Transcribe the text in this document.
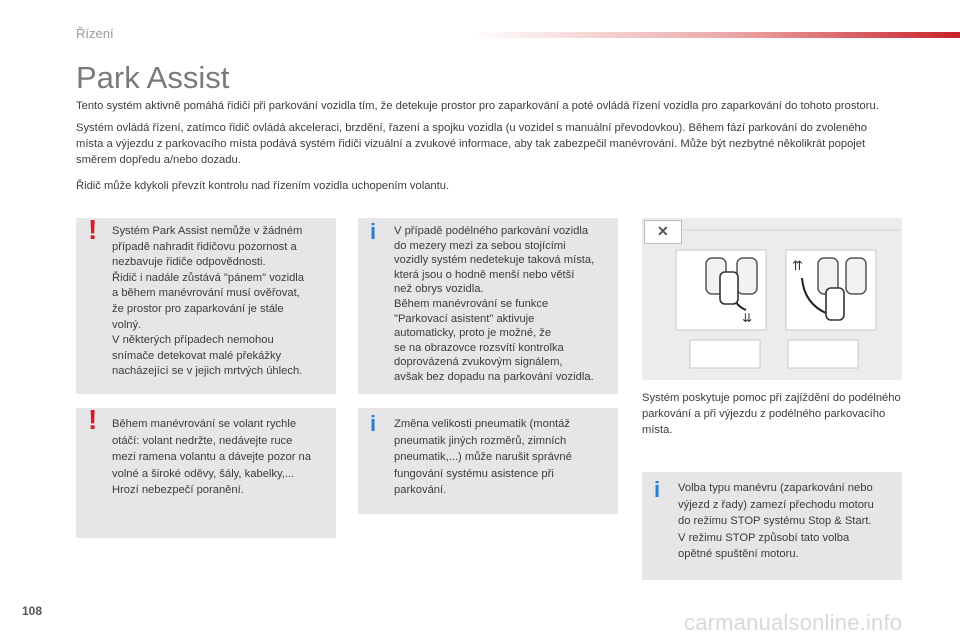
Řízení
Park Assist

Tento systém aktivně pomáhá řidiči při parkování vozidla tím, že detekuje prostor pro zaparkování a poté ovládá řízení vozidla pro zaparkování do tohoto prostoru.

Systém ovládá řízení, zatímco řidič ovládá akceleraci, brzdění, řazení a spojku vozidla (u vozidel s manuální převodovkou). Během fází parkování do zvoleného místa a výjezdu z parkovacího místa podává systém řidiči vizuální a zvukové informace, aby tak zabezpečil manévrování. Může být nezbytné několikrát popojet směrem dopředu a/nebo dozadu.

Řidič může kdykoli převzít kontrolu nad řízením vozidla uchopením volantu.

! Systém Park Assist nemůže v žádném
případě nahradit řidičovu pozornost a
nezbavuje řidiče odpovědnosti.
Řidič i nadále zůstává "pánem" vozidla
a během manévrování musí ověřovat,
že prostor pro zaparkování je stále
volný.
V některých případech nemohou
snímače detekovat malé překážky
nacházející se v jejich mrtvých úhlech.
! Během manévrování se volant rychle
otáčí: volant nedržte, nedávejte ruce
mezi ramena volantu a dávejte pozor na
volné a široké oděvy, šály, kabelky,...
Hrozí nebezpečí poranění.
i V případě podélného parkování vozidla
do mezery mezi za sebou stojícími
vozidly systém nedetekuje taková místa,
která jsou o hodně menší nebo větší
než obrys vozidla.
Během manévrování se funkce
"Parkovací asistent" aktivuje
automaticky, proto je možné, že
se na obrazovce rozsvítí kontrolka
doprovázená zvukovým signálem,
avšak bez dopadu na parkování vozidla.
i Změna velikosti pneumatik (montáž
pneumatik jiných rozměrů, zimních
pneumatik,...) může narušit správné
fungování systému asistence při
parkování.
✕
⇊
⇈
Systém poskytuje pomoc při zajíždění do podélného parkování a při výjezdu z podélného parkovacího místa.
i Volba typu manévru (zaparkování nebo
výjezd z řady) zamezí přechodu motoru
do režimu STOP systému Stop & Start.
V režimu STOP způsobí tato volba
opětné spuštění motoru.
108	carmanualsonline.info
